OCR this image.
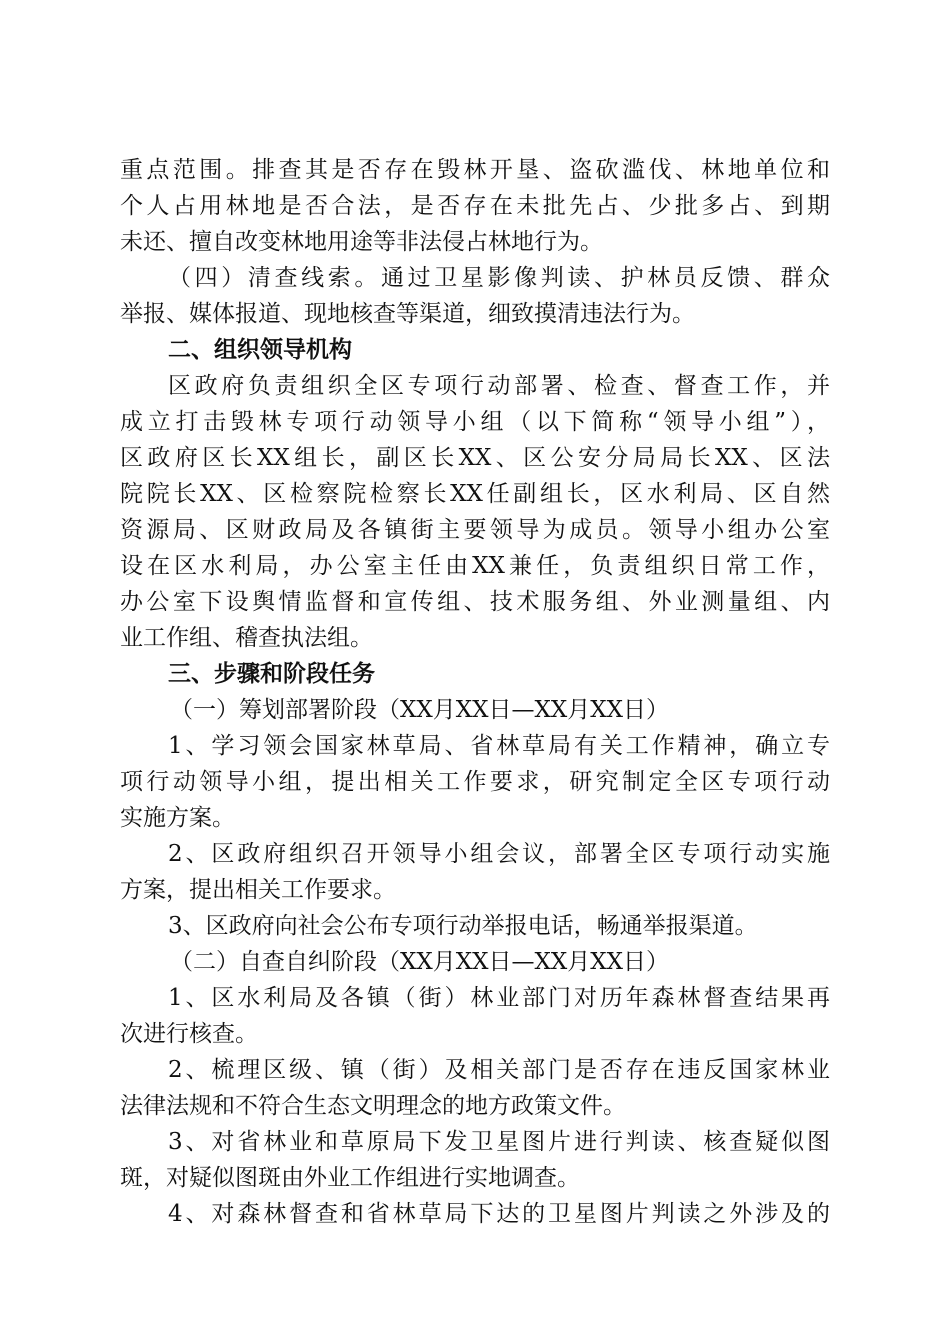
重点范围。排查其是否存在毁林开垦、盗砍滥伐、林地单位和
个人占用林地是否合法，是否存在未批先占、少批多占、到期
未还、擅自改变林地用途等非法侵占林地行为。
（四）清查线索。通过卫星影像判读、护林员反馈、群众
举报、媒体报道、现地核查等渠道，细致摸清违法行为。
二、组织领导机构
区政府负责组织全区专项行动部署、检查、督查工作，并
成立打击毁林专项行动领导小组（以下简称“领导小组”），
区政府区长XX组长，副区长XX、区公安分局局长XX、区法
院院长XX、区检察院检察长XX任副组长，区水利局、区自然
资源局、区财政局及各镇街主要领导为成员。领导小组办公室
设在区水利局，办公室主任由XX兼任，负责组织日常工作，
办公室下设舆情监督和宣传组、技术服务组、外业测量组、内
业工作组、稽查执法组。
三、步骤和阶段任务
（一）筹划部署阶段（XX月XX日—XX月XX日）
1、学习领会国家林草局、省林草局有关工作精神，确立专
项行动领导小组，提出相关工作要求，研究制定全区专项行动
实施方案。
2、区政府组织召开领导小组会议，部署全区专项行动实施
方案，提出相关工作要求。
3、区政府向社会公布专项行动举报电话，畅通举报渠道。
（二）自查自纠阶段（XX月XX日—XX月XX日）
1、区水利局及各镇（街）林业部门对历年森林督查结果再
次进行核查。
2、梳理区级、镇（街）及相关部门是否存在违反国家林业
法律法规和不符合生态文明理念的地方政策文件。
3、对省林业和草原局下发卫星图片进行判读、核查疑似图
斑，对疑似图斑由外业工作组进行实地调查。
4、对森林督查和省林草局下达的卫星图片判读之外涉及的
